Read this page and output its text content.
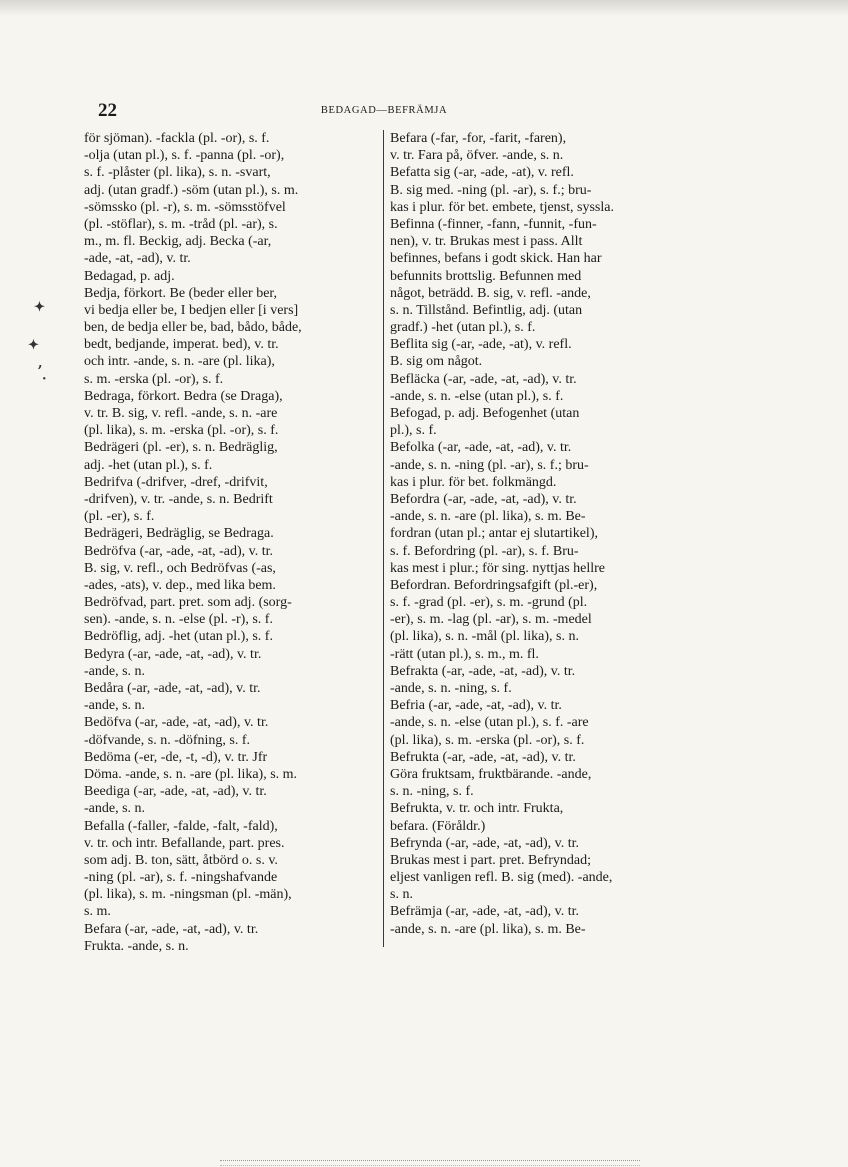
22	BEDAGAD—BEFRÄMJA
för sjöman). -fackla (pl. -or), s. f.
-olja (utan pl.), s. f. -panna (pl. -or),
s. f. -plåster (pl. lika), s. n. -svart,
adj. (utan gradf.) -söm (utan pl.), s. m.
-sömssko (pl. -r), s. m. -sömsstöfvel
(pl. -stöflar), s. m. -tråd (pl. -ar), s.
m., m. fl. Beckig, adj. Becka (-ar,
-ade, -at, -ad), v. tr.
Bedagad, p. adj.
Bedja, förkort. Be (beder eller ber,
vi bedja eller be, I bedjen eller [i vers]
ben, de bedja eller be, bad, bådo, både,
bedt, bedjande, imperat. bed), v. tr.
och intr. -ande, s. n. -are (pl. lika),
s. m. -erska (pl. -or), s. f.
Bedraga, förkort. Bedra (se Draga),
v. tr. B. sig, v. refl. -ande, s. n. -are
(pl. lika), s. m. -erska (pl. -or), s. f.
Bedrägeri (pl. -er), s. n. Bedräglig,
adj. -het (utan pl.), s. f.
Bedrifva (-drifver, -dref, -drifvit,
-drifven), v. tr. -ande, s. n. Bedrift
(pl. -er), s. f.
Bedrägeri, Bedräglig, se Bedraga.
Bedröfva (-ar, -ade, -at, -ad), v. tr.
B. sig, v. refl., och Bedröfvas (-as,
-ades, -ats), v. dep., med lika bem.
Bedröfvad, part. pret. som adj. (sorg-
sen). -ande, s. n. -else (pl. -r), s. f.
Bedröflig, adj. -het (utan pl.), s. f.
Bedyra (-ar, -ade, -at, -ad), v. tr.
-ande, s. n.
Bedåra (-ar, -ade, -at, -ad), v. tr.
-ande, s. n.
Bedöfva (-ar, -ade, -at, -ad), v. tr.
-döfvande, s. n. -döfning, s. f.
Bedöma (-er, -de, -t, -d), v. tr. Jfr
Döma. -ande, s. n. -are (pl. lika), s. m.
Beediga (-ar, -ade, -at, -ad), v. tr.
-ande, s. n.
Befalla (-faller, -falde, -falt, -fald),
v. tr. och intr. Befallande, part. pres.
som adj. B. ton, sätt, åtbörd o. s. v.
-ning (pl. -ar), s. f. -ningshafvande
(pl. lika), s. m. -ningsman (pl. -män),
s. m.
Befara (-ar, -ade, -at, -ad), v. tr.
Frukta. -ande, s. n.
Befara (-far, -for, -farit, -faren),
v. tr. Fara på, öfver. -ande, s. n.
Befatta sig (-ar, -ade, -at), v. refl.
B. sig med. -ning (pl. -ar), s. f.; bru-
kas i plur. för bet. embete, tjenst, syssla.
Befinna (-finner, -fann, -funnit, -fun-
nen), v. tr. Brukas mest i pass. Allt
befinnes, befans i godt skick. Han har
befunnits brottslig. Befunnen med
något, beträdd. B. sig, v. refl. -ande,
s. n. Tillstånd. Befintlig, adj. (utan
gradf.) -het (utan pl.), s. f.
Beflita sig (-ar, -ade, -at), v. refl.
B. sig om något.
Befläcka (-ar, -ade, -at, -ad), v. tr.
-ande, s. n. -else (utan pl.), s. f.
Befogad, p. adj. Befogenhet (utan
pl.), s. f.
Befolka (-ar, -ade, -at, -ad), v. tr.
-ande, s. n. -ning (pl. -ar), s. f.; bru-
kas i plur. för bet. folkmängd.
Befordra (-ar, -ade, -at, -ad), v. tr.
-ande, s. n. -are (pl. lika), s. m. Be-
fordran (utan pl.; antar ej slutartikel),
s. f. Befordring (pl. -ar), s. f. Bru-
kas mest i plur.; för sing. nyttjas hellre
Befordran. Befordringsafgift (pl.-er),
s. f. -grad (pl. -er), s. m. -grund (pl.
-er), s. m. -lag (pl. -ar), s. m. -medel
(pl. lika), s. n. -mål (pl. lika), s. n.
-rätt (utan pl.), s. m., m. fl.
Befrakta (-ar, -ade, -at, -ad), v. tr.
-ande, s. n. -ning, s. f.
Befria (-ar, -ade, -at, -ad), v. tr.
-ande, s. n. -else (utan pl.), s. f. -are
(pl. lika), s. m. -erska (pl. -or), s. f.
Befrukta (-ar, -ade, -at, -ad), v. tr.
Göra fruktsam, fruktbärande. -ande,
s. n. -ning, s. f.
Befrukta, v. tr. och intr. Frukta,
befara. (Föråldr.)
Befrynda (-ar, -ade, -at, -ad), v. tr.
Brukas mest i part. pret. Befryndad;
eljest vanligen refl. B. sig (med). -ande,
s. n.
Befrämja (-ar, -ade, -at, -ad), v. tr.
-ande, s. n. -are (pl. lika), s. m. Be-
✦
✦
,
·
